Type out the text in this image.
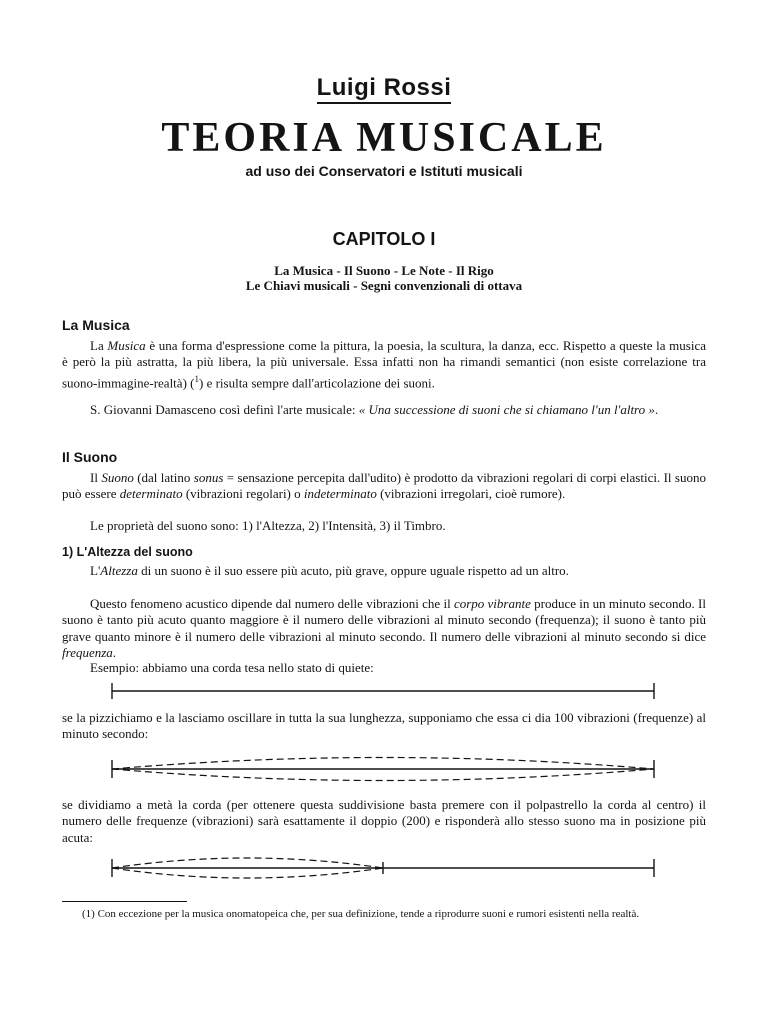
Luigi Rossi
TEORIA MUSICALE
ad uso dei Conservatori e Istituti musicali
CAPITOLO I
La Musica - Il Suono - Le Note - Il Rigo
Le Chiavi musicali - Segni convenzionali di ottava
La Musica

La Musica è una forma d'espressione come la pittura, la poesia, la scultura, la danza, ecc. Rispetto a queste la musica è però la più astratta, la più libera, la più universale. Essa infatti non ha rimandi semantici (non esiste correlazione tra suono-immagine-realtà) ($^1$) e risulta sempre dall'articolazione dei suoni.

S. Giovanni Damasceno così definì l'arte musicale: « Una successione di suoni che si chiamano l'un l'altro ».

Il Suono

Il Suono (dal latino sonus = sensazione percepita dall'udito) è prodotto da vibrazioni regolari di corpi elastici. Il suono può essere determinato (vibrazioni regolari) o indeterminato (vibrazioni irregolari, cioè rumore).

Le proprietà del suono sono: 1) l'Altezza, 2) l'Intensità, 3) il Timbro.

1) L'Altezza del suono

L'Altezza di un suono è il suo essere più acuto, più grave, oppure uguale rispetto ad un altro.

Questo fenomeno acustico dipende dal numero delle vibrazioni che il corpo vibrante produce in un minuto secondo. Il suono è tanto più acuto quanto maggiore è il numero delle vibrazioni al minuto secondo (frequenza); il suono è tanto più grave quanto minore è il numero delle vibrazioni al minuto secondo. Il numero delle vibrazioni al minuto secondo si dice frequenza.

Esempio: abbiamo una corda tesa nello stato di quiete:

se la pizzichiamo e la lasciamo oscillare in tutta la sua lunghezza, supponiamo che essa ci dia 100 vibrazioni (frequenze) al minuto secondo:

se dividiamo a metà la corda (per ottenere questa suddivisione basta premere con il polpastrello la corda al centro) il numero delle frequenze (vibrazioni) sarà esattamente il doppio (200) e risponderà allo stesso suono ma in posizione più acuta:

(1) Con eccezione per la musica onomatopeica che, per sua definizione, tende a riprodurre suoni e rumori esistenti nella realtà.
